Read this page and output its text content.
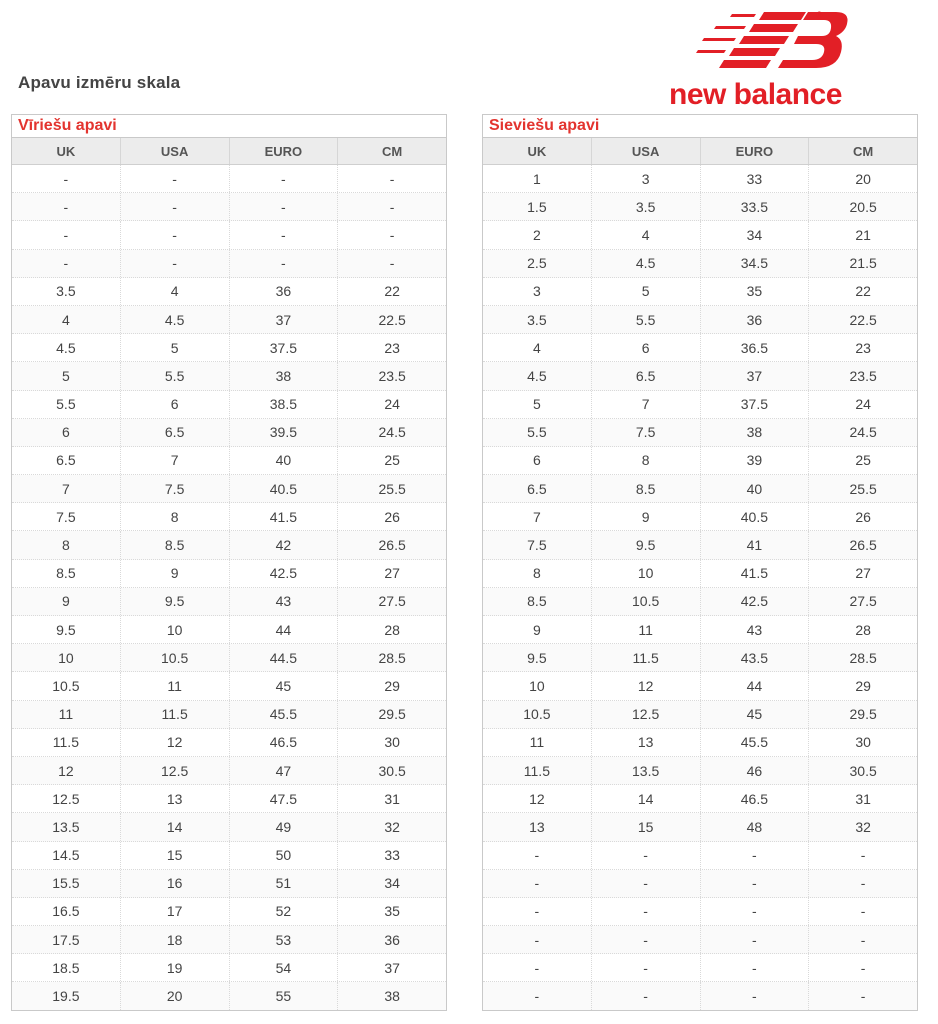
Apavu izmēru skala
®
new balance
Vīriešu apavi
UK	USA	EURO	CM
-	-	-	-
-	-	-	-
-	-	-	-
-	-	-	-
3.5	4	36	22
4	4.5	37	22.5
4.5	5	37.5	23
5	5.5	38	23.5
5.5	6	38.5	24
6	6.5	39.5	24.5
6.5	7	40	25
7	7.5	40.5	25.5
7.5	8	41.5	26
8	8.5	42	26.5
8.5	9	42.5	27
9	9.5	43	27.5
9.5	10	44	28
10	10.5	44.5	28.5
10.5	11	45	29
11	11.5	45.5	29.5
11.5	12	46.5	30
12	12.5	47	30.5
12.5	13	47.5	31
13.5	14	49	32
14.5	15	50	33
15.5	16	51	34
16.5	17	52	35
17.5	18	53	36
18.5	19	54	37
19.5	20	55	38
Sieviešu apavi
UK	USA	EURO	CM
1	3	33	20
1.5	3.5	33.5	20.5
2	4	34	21
2.5	4.5	34.5	21.5
3	5	35	22
3.5	5.5	36	22.5
4	6	36.5	23
4.5	6.5	37	23.5
5	7	37.5	24
5.5	7.5	38	24.5
6	8	39	25
6.5	8.5	40	25.5
7	9	40.5	26
7.5	9.5	41	26.5
8	10	41.5	27
8.5	10.5	42.5	27.5
9	11	43	28
9.5	11.5	43.5	28.5
10	12	44	29
10.5	12.5	45	29.5
11	13	45.5	30
11.5	13.5	46	30.5
12	14	46.5	31
13	15	48	32
-	-	-	-
-	-	-	-
-	-	-	-
-	-	-	-
-	-	-	-
-	-	-	-
